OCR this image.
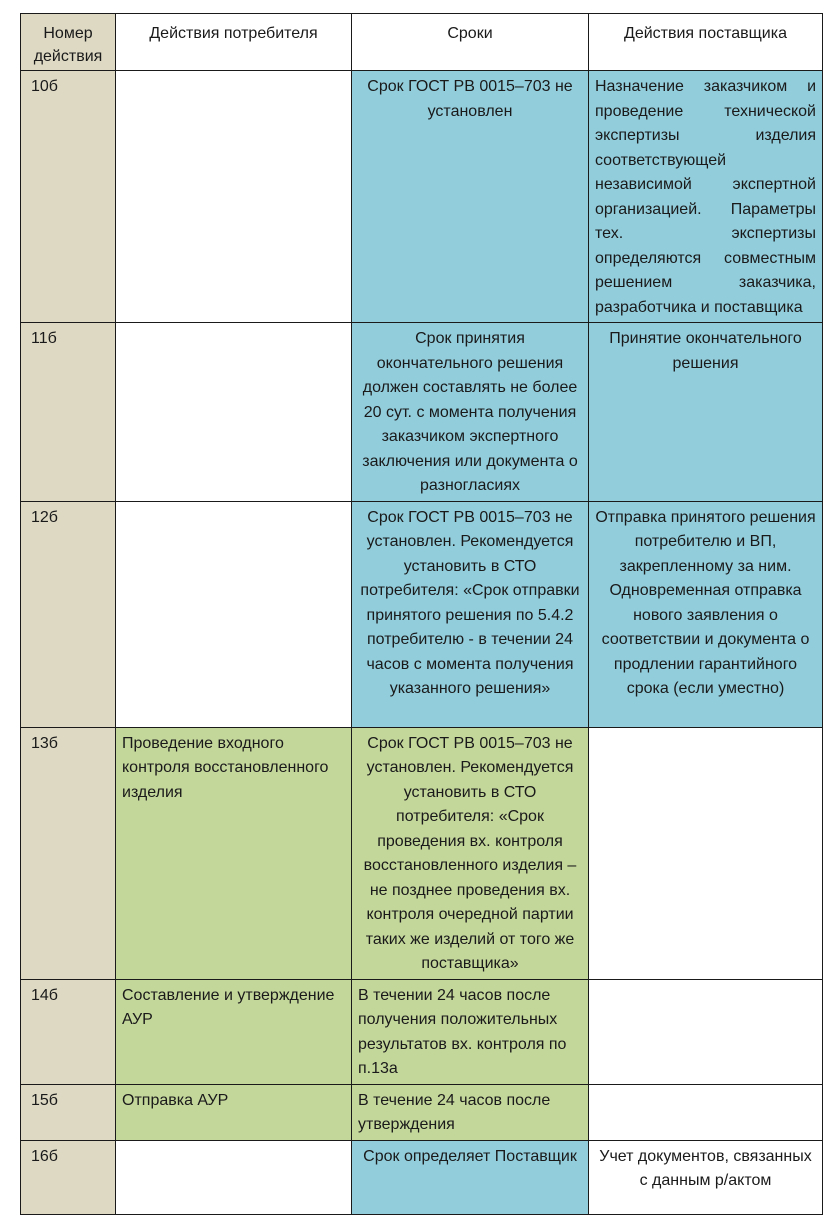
Номер действия	Действия потребителя	Сроки	Действия поставщика
10б		Срок ГОСТ РВ 0015–703 не установлен	Назначение заказчиком и проведение технической экспертизы изделия соответствующей независимой экспертной организацией. Параметры тех. экспертизы определяются совместным решением заказчика, разработчика и поставщика
11б		Срок принятия окончательного решения должен составлять не более 20 сут. с момента получения заказчиком экспертного заключения или документа о разногласиях	Принятие окончательного решения
12б		Срок ГОСТ РВ 0015–703 не установлен. Рекомендуется установить в СТО потребителя: «Срок отправки принятого решения по 5.4.2 потребителю - в течении 24 часов с момента получения указанного решения»	Отправка принятого решения потребителю и ВП, закрепленному за ним. Одновременная отправка нового заявления о соответствии и документа о продлении гарантийного срока (если уместно)
13б	Проведение входного контроля восстановленного изделия	Срок ГОСТ РВ 0015–703 не установлен. Рекомендуется установить в СТО потребителя: «Срок проведения вх. контроля восстановленного изделия – не позднее проведения вх. контроля очередной партии таких же изделий от того же поставщика»	
14б	Составление и утверждение АУР	В течении 24 часов после получения положительных результатов вх. контроля по п.13а	
15б	Отправка АУР	В течение 24 часов после утверждения	
16б		Срок определяет Поставщик	Учет документов, связанных с данным р/актом
